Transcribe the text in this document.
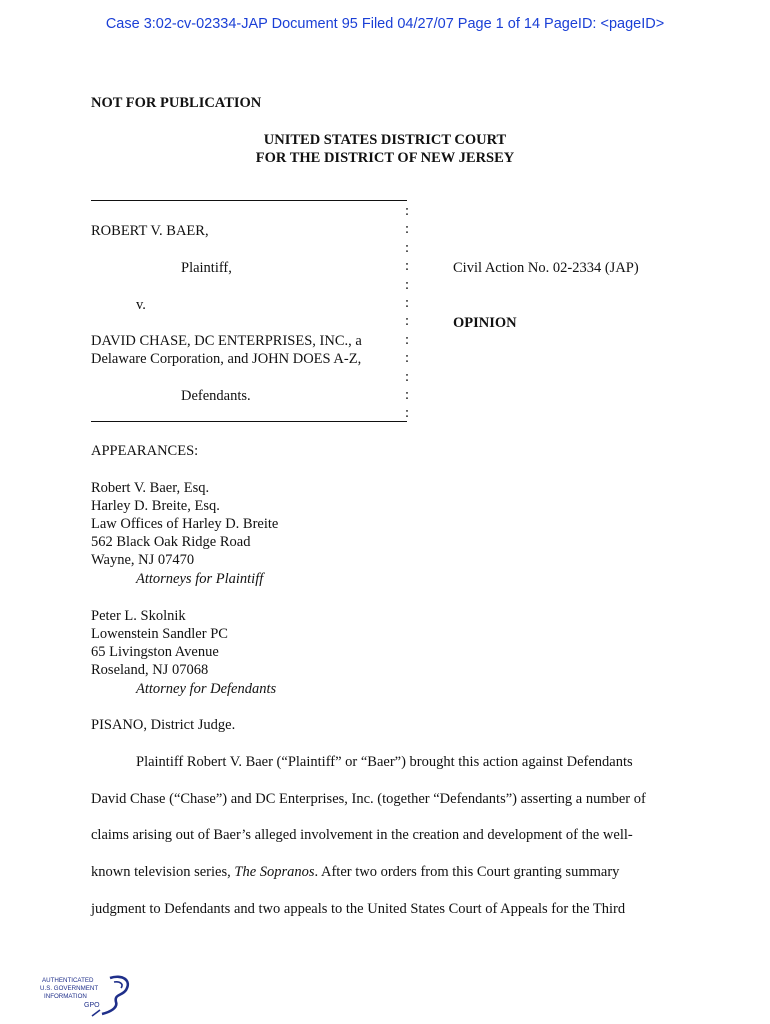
Case 3:02-cv-02334-JAP Document 95 Filed 04/27/07 Page 1 of 14 PageID: <pageID>
NOT FOR PUBLICATION
UNITED STATES DISTRICT COURT
FOR THE DISTRICT OF NEW JERSEY
:
:
:
:
:
:
:
:
:
:
:
:
ROBERT V. BAER,
Plaintiff,
v.
DAVID CHASE, DC ENTERPRISES, INC., a
Delaware Corporation, and JOHN DOES A-Z,
Defendants.
Civil Action No. 02-2334 (JAP)
OPINION
APPEARANCES:
Robert V. Baer, Esq.
Harley D. Breite, Esq.
Law Offices of Harley D. Breite
562 Black Oak Ridge Road
Wayne, NJ 07470
Attorneys for Plaintiff
Peter L. Skolnik
Lowenstein Sandler PC
65 Livingston Avenue
Roseland, NJ 07068
Attorney for Defendants
PISANO, District Judge.
Plaintiff Robert V. Baer (“Plaintiff” or “Baer”) brought this action against Defendants
David Chase (“Chase”) and DC Enterprises, Inc. (together “Defendants”) asserting a number of
claims arising out of Baer’s alleged involvement in the creation and development of the well-
known television series, The Sopranos. After two orders from this Court granting summary
judgment to Defendants and two appeals to the United States Court of Appeals for the Third
AUTHENTICATED
U.S. GOVERNMENT
INFORMATION
GPO
